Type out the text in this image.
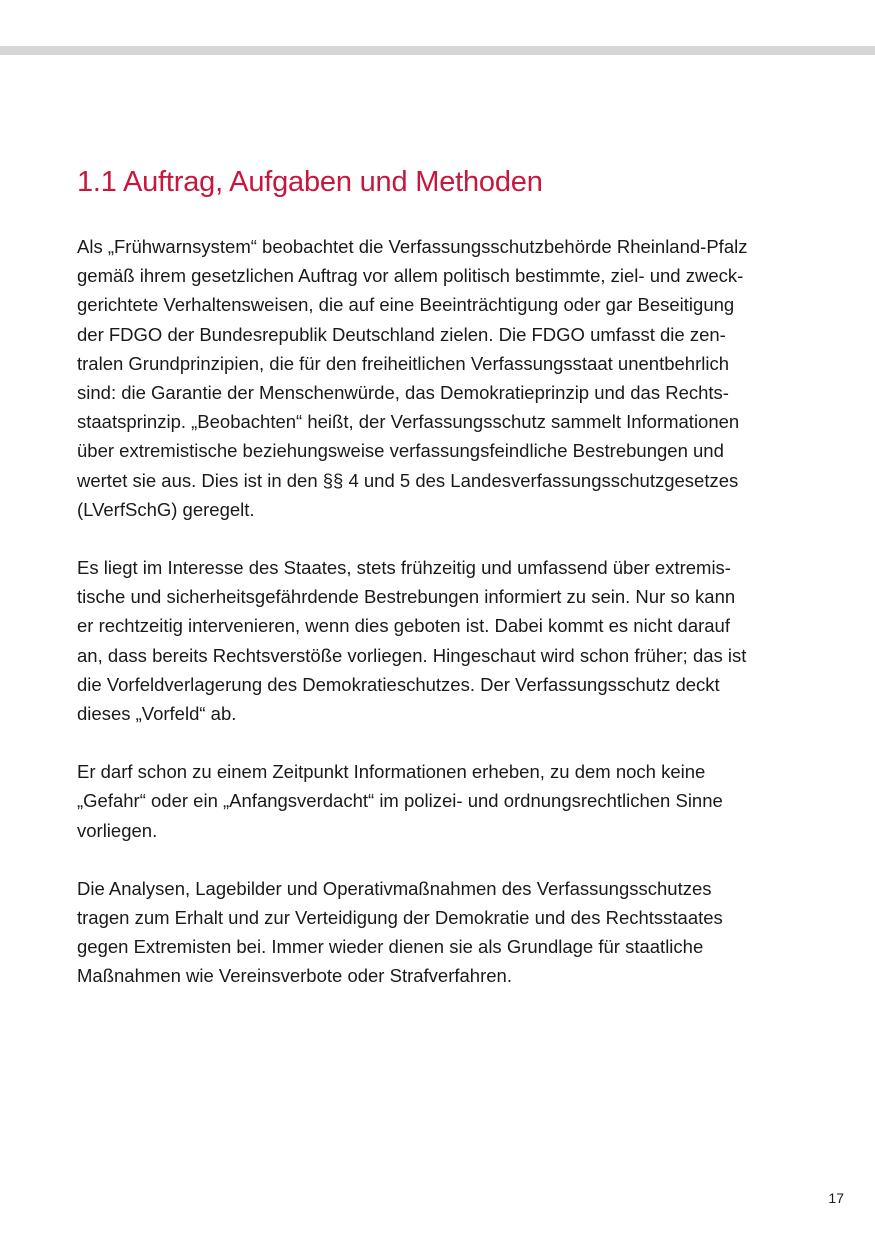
1.1 Auftrag, Aufgaben und Methoden

Als „Frühwarnsystem“ beobachtet die Verfassungsschutzbehörde Rheinland-Pfalz
gemäß ihrem gesetzlichen Auftrag vor allem politisch bestimmte, ziel- und zweck-
gerichtete Verhaltensweisen, die auf eine Beeinträchtigung oder gar Beseitigung
der FDGO der Bundesrepublik Deutschland zielen. Die FDGO umfasst die zen-
tralen Grundprinzipien, die für den freiheitlichen Verfassungsstaat unentbehrlich
sind: die Garantie der Menschenwürde, das Demokratieprinzip und das Rechts-
staatsprinzip. „Beobachten“ heißt, der Verfassungsschutz sammelt Informationen
über extremistische beziehungsweise verfassungsfeindliche Bestrebungen und
wertet sie aus. Dies ist in den §§ 4 und 5 des Landesverfassungsschutzgesetzes
(LVerfSchG) geregelt.

Es liegt im Interesse des Staates, stets frühzeitig und umfassend über extremis-
tische und sicherheitsgefährdende Bestrebungen informiert zu sein. Nur so kann
er rechtzeitig intervenieren, wenn dies geboten ist. Dabei kommt es nicht darauf
an, dass bereits Rechtsverstöße vorliegen. Hingeschaut wird schon früher; das ist
die Vorfeldverlagerung des Demokratieschutzes. Der Verfassungsschutz deckt
dieses „Vorfeld“ ab.

Er darf schon zu einem Zeitpunkt Informationen erheben, zu dem noch keine
„Gefahr“ oder ein „Anfangsverdacht“ im polizei- und ordnungsrechtlichen Sinne
vorliegen.

Die Analysen, Lagebilder und Operativmaßnahmen des Verfassungsschutzes
tragen zum Erhalt und zur Verteidigung der Demokratie und des Rechtsstaates
gegen Extremisten bei. Immer wieder dienen sie als Grundlage für staatliche
Maßnahmen wie Vereinsverbote oder Strafverfahren.

17
